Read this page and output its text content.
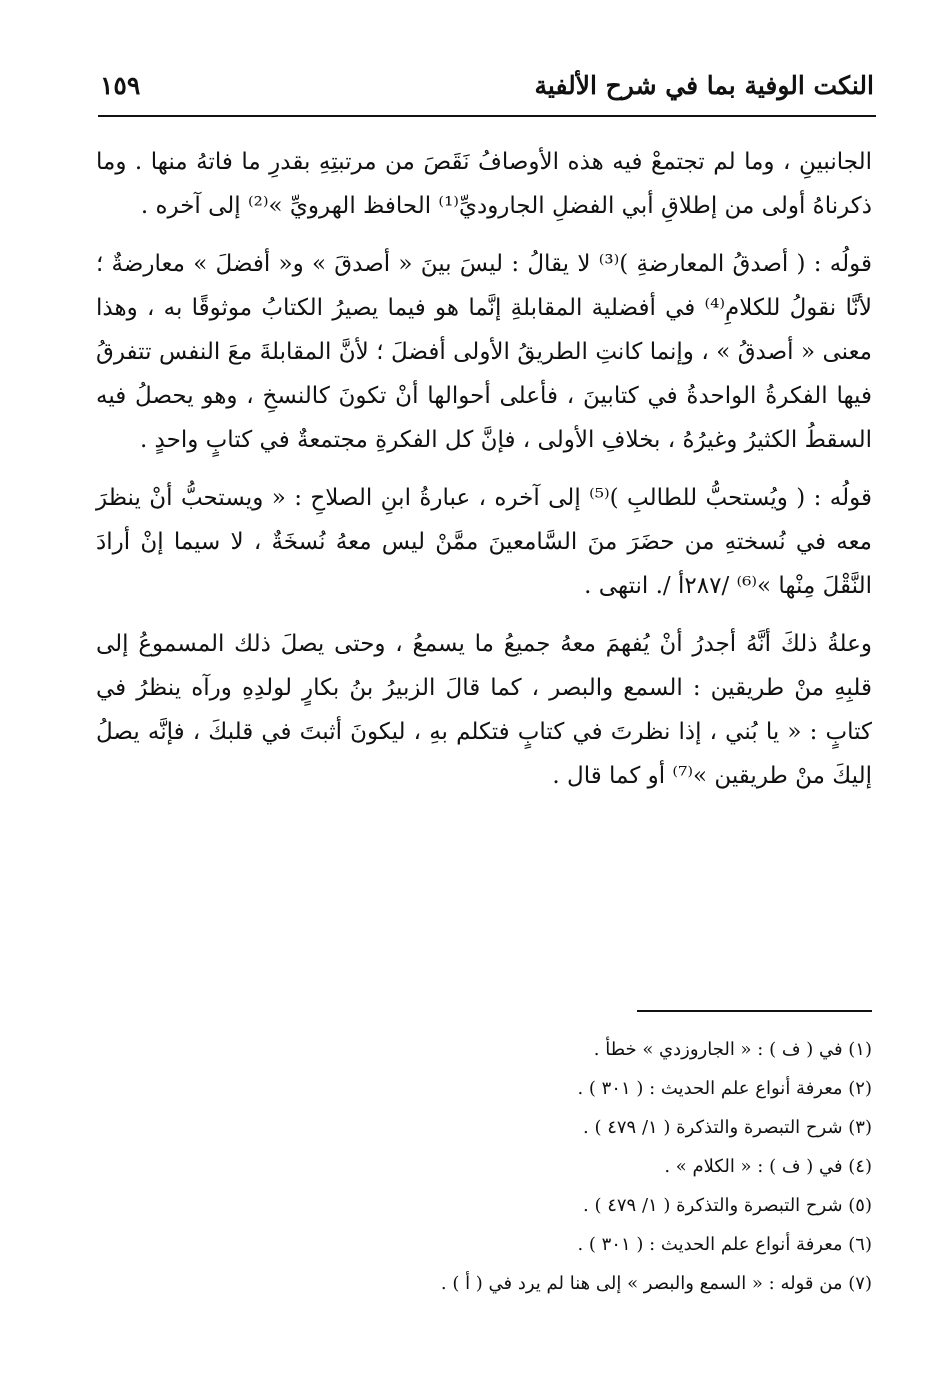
النكت الوفية بما في شرح الألفية
١٥٩

الجانبينِ ، وما لم تجتمعْ فيه هذه الأوصافُ نَقَصَ من مرتبتِهِ بقدرِ ما فاتهُ منها . وما ذكرناهُ أولى من إطلاقِ أبي الفضلِ الجاروديِّ⁽¹⁾ الحافظ الهرويِّ »⁽²⁾ إلى آخره .

قولُه : ( أصدقُ المعارضةِ )⁽³⁾ لا يقالُ : ليسَ بينَ « أصدقَ » و« أفضلَ » معارضةٌ ؛ لأنَّا نقولُ للكلامِ⁽⁴⁾ في أفضلية المقابلةِ إنَّما هو فيما يصيرُ الكتابُ موثوقًا به ، وهذا معنى « أصدقُ » ، وإنما كانتِ الطريقُ الأولى أفضلَ ؛ لأنَّ المقابلةَ معَ النفس تتفرقُ فيها الفكرةُ الواحدةُ في كتابينَ ، فأعلى أحوالها أنْ تكونَ كالنسخِ ، وهو يحصلُ فيه السقطُ الكثيرُ وغيرُهُ ، بخلافِ الأولى ، فإنَّ كل الفكرةِ مجتمعةٌ في كتابٍ واحدٍ .

قولُه : ( ويُستحبُّ للطالبِ )⁽⁵⁾ إلى آخره ، عبارةُ ابنِ الصلاحِ : « ويستحبُّ أنْ ينظرَ معه في نُسختهِ من حضَرَ منَ السَّامعينَ ممَّنْ ليس معهُ نُسخَةٌ ، لا سيما إنْ أرادَ النَّقْلَ مِنْها »⁽⁶⁾ /٢٨٧أ /. انتهى .

وعلةُ ذلكَ أنَّهُ أجدرُ أنْ يُفهمَ معهُ جميعُ ما يسمعُ ، وحتى يصلَ ذلك المسموعُ إلى قلبِهِ منْ طريقين : السمع والبصر ، كما قالَ الزبيرُ بنُ بكارٍ لولدِهِ ورآه ينظرُ في كتابٍ : « يا بُني ، إذا نظرتَ في كتابٍ فتكلم بهِ ، ليكونَ أثبتَ في قلبكَ ، فإنَّه يصلُ إليكَ منْ طريقين »⁽⁷⁾ أو كما قال .

(١) في ( ف ) : « الجاروزدي » خطأ .
(٢) معرفة أنواع علم الحديث : ( ٣٠١ ) .
(٣) شرح التبصرة والتذكرة ( ١/ ٤٧٩ ) .
(٤) في ( ف ) : « الكلام » .
(٥) شرح التبصرة والتذكرة ( ١/ ٤٧٩ ) .
(٦) معرفة أنواع علم الحديث : ( ٣٠١ ) .
(٧) من قوله : « السمع والبصر » إلى هنا لم يرد في ( أ ) .
